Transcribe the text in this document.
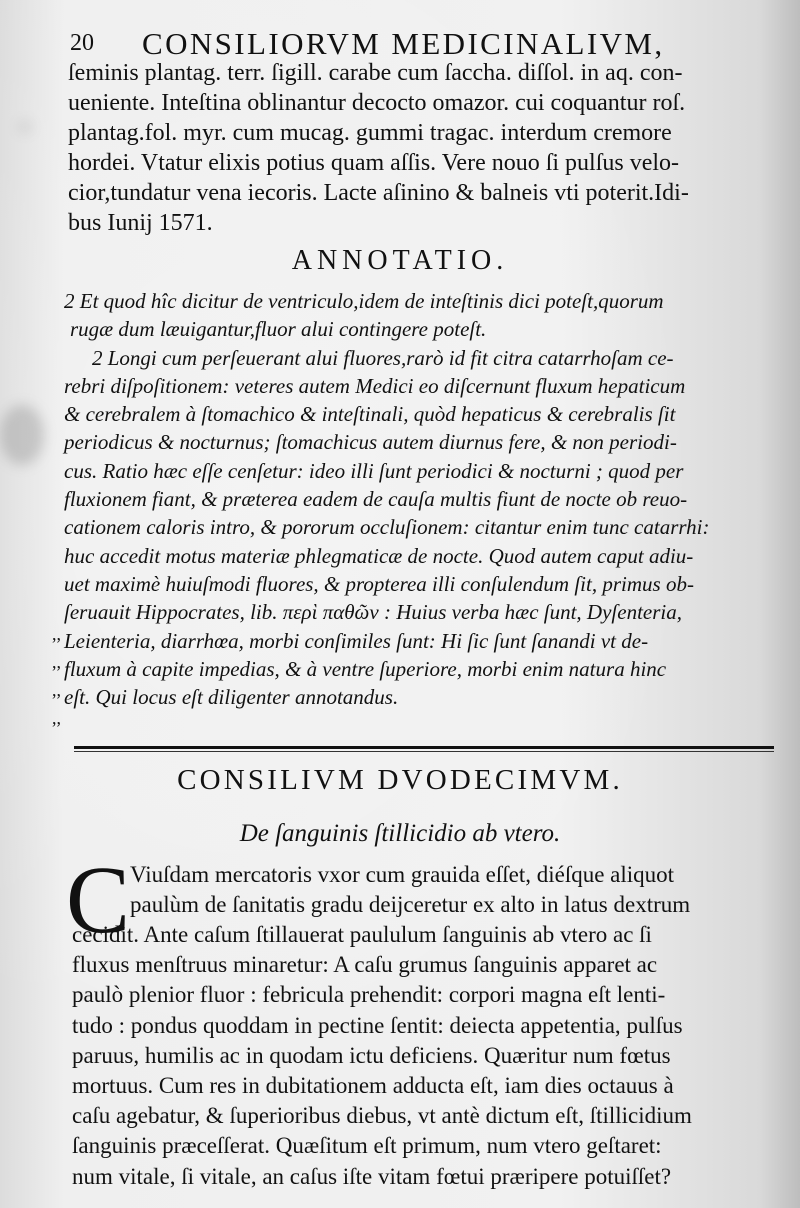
20 CONSILIORVM MEDICINALIVM,
ſeminis plantag. terr. ſigill. carabe cum ſaccha. diſſol. in aq. con-
ueniente. Inteſtina oblinantur decocto omazor. cui coquantur roſ.
plantag.fol. myr. cum mucag. gummi tragac. interdum cremore
hordei. Vtatur elixis potius quam aſſis. Vere nouo ſi pulſus velo-
cior,tundatur vena iecoris. Lacte aſinino & balneis vti poterit.Idi-
bus Iunij 1571.
ANNOTATIO.
2 Et quod hîc dicitur de ventriculo,idem de inteſtinis dici poteſt,quorum
rugæ dum læuigantur,fluor alui contingere poteſt.
2 Longi cum perſeuerant alui fluores,rarò id fit citra catarrhoſam ce-
rebri diſpoſitionem: veteres autem Medici eo diſcernunt fluxum hepaticum
& cerebralem à ſtomachico & inteſtinali, quòd hepaticus & cerebralis ſit
periodicus & nocturnus; ſtomachicus autem diurnus fere, & non periodi-
cus. Ratio hæc eſſe cenſetur: ideo illi ſunt periodici & nocturni ; quod per
fluxionem fiant, & præterea eadem de cauſa multis fiunt de nocte ob reuo-
cationem caloris intro, & pororum occluſionem: citantur enim tunc catarrhi:
huc accedit motus materiæ phlegmaticæ de nocte. Quod autem caput adiu-
uet maximè huiuſmodi fluores, & propterea illi conſulendum ſit, primus ob-
ſeruauit Hippocrates, lib. περὶ παθῶν : Huius verba hæc ſunt, Dyſenteria,
Leienteria, diarrhœa, morbi conſimiles ſunt: Hi ſic ſunt ſanandi vt de-
fluxum à capite impedias, & à ventre ſuperiore, morbi enim natura hinc
eſt. Qui locus eſt diligenter annotandus.
,,
,,
,,
,,
CONSILIVM DVODECIMVM.
De ſanguinis ſtillicidio ab vtero.
C Viuſdam mercatoris vxor cum grauida eſſet, diéſque aliquot
paulùm de ſanitatis gradu deijceretur ex alto in latus dextrum
cecidit. Ante caſum ſtillauerat paululum ſanguinis ab vtero ac ſi
fluxus menſtruus minaretur: A caſu grumus ſanguinis apparet ac
paulò plenior fluor : febricula prehendit: corpori magna eſt lenti-
tudo : pondus quoddam in pectine ſentit: deiecta appetentia, pulſus
paruus, humilis ac in quodam ictu deficiens. Quæritur num fœtus
mortuus. Cum res in dubitationem adducta eſt, iam dies octauus à
caſu agebatur, & ſuperioribus diebus, vt antè dictum eſt, ſtillicidium
ſanguinis præceſſerat. Quæſitum eſt primum, num vtero geſtaret:
num vitale, ſi vitale, an caſus iſte vitam fœtui præripere potuiſſet?
